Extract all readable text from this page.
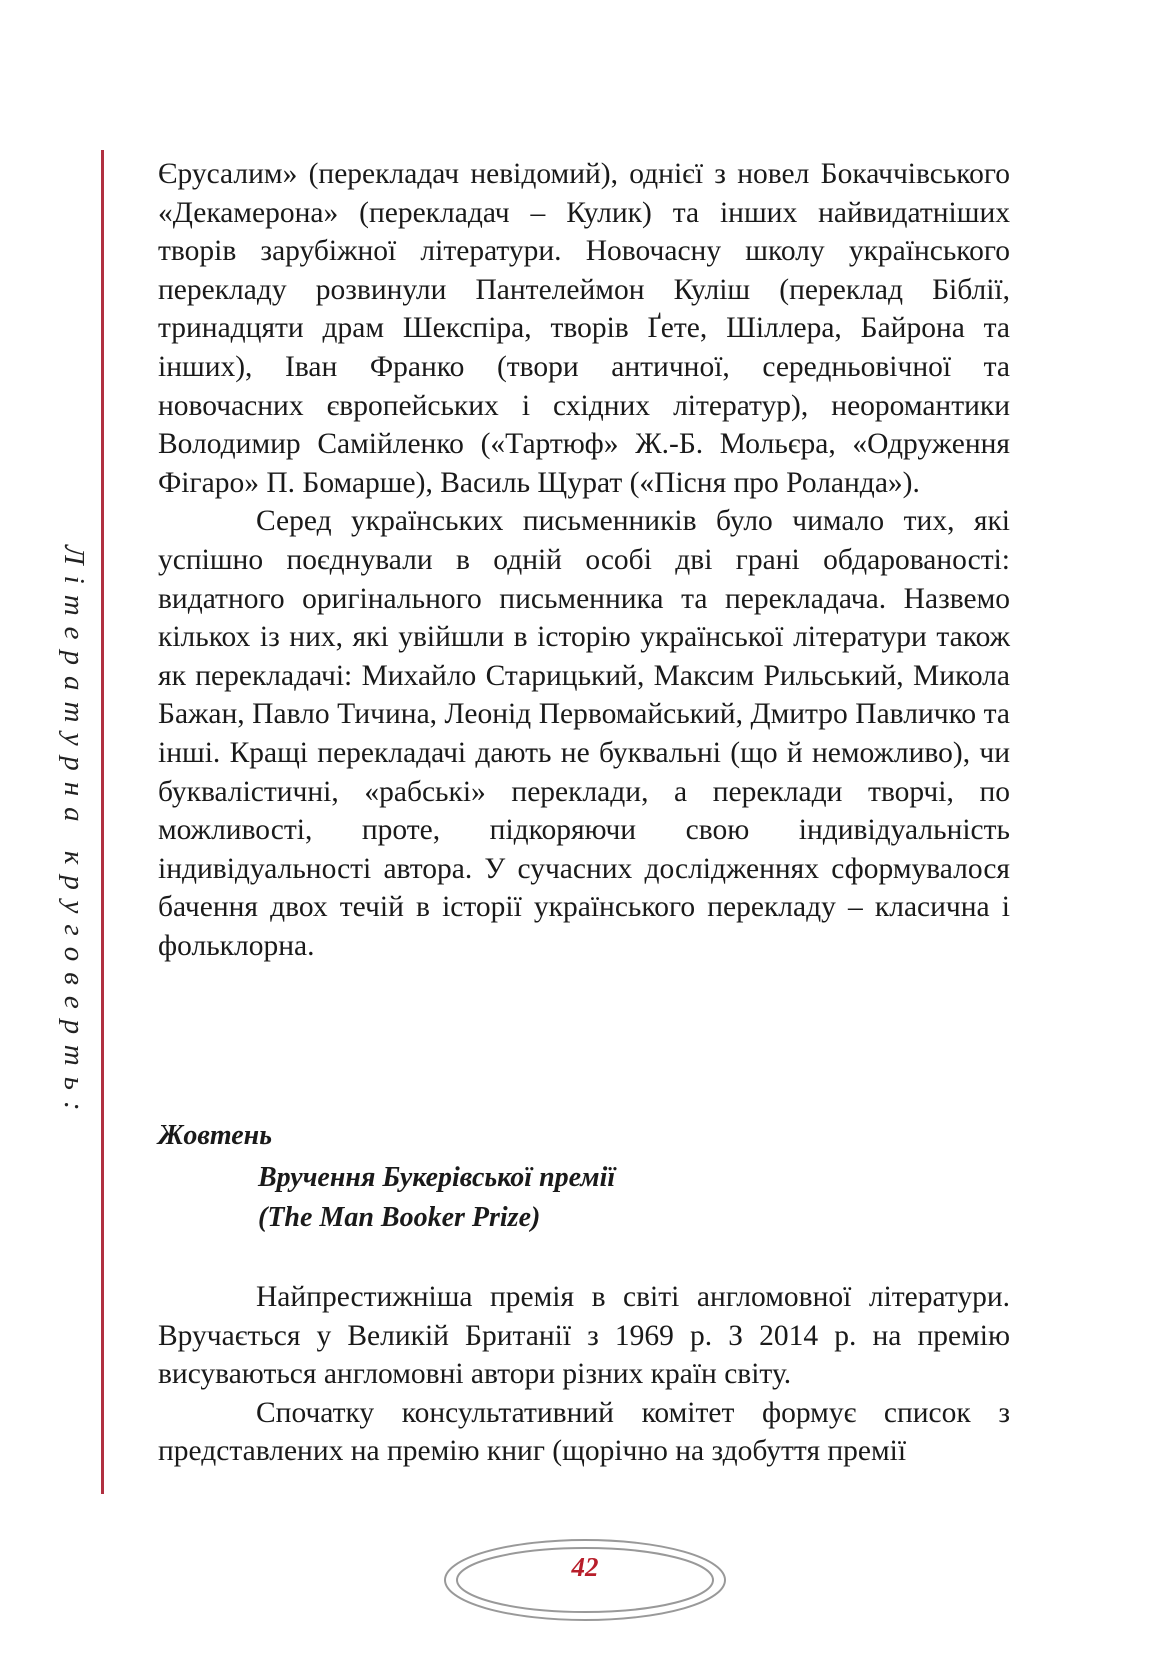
Літературна круговерть:

Єрусалим» (перекладач невідомий), однієї з новел Бокаччівського «Декамерона» (перекладач – Кулик) та інших найвидатніших творів зарубіжної літератури. Новочасну школу українського перекладу розвинули Пантелеймон Куліш (переклад Біблії, тринадцяти драм Шекспіра, творів Ґете, Шіллера, Байрона та інших), Іван Франко (твори античної, середньовічної та новочасних європейських і східних літератур), неоромантики Володимир Самійленко («Тартюф» Ж.-Б. Мольєра, «Одруження Фігаро» П. Бомарше), Василь Щурат («Пісня про Роланда»).

Серед українських письменників було чимало тих, які успішно поєднували в одній особі дві грані обдарованості: видатного оригінального письменника та перекладача. Назвемо кількох із них, які увійшли в історію української літератури також як перекладачі: Михайло Старицький, Максим Рильський, Микола Бажан, Павло Тичина, Леонід Первомайський, Дмитро Павличко та інші. Кращі перекладачі дають не буквальні (що й неможливо), чи буквалістичні, «рабські» переклади, а переклади творчі, по можливості, проте, підкоряючи свою індивідуальність індивідуальності автора. У сучасних дослідженнях сформувалося бачення двох течій в історії українського перекладу – класична і фольклорна.

Жовтень
Вручення Букерівської премії
(The Man Booker Prize)

Найпрестижніша премія в світі англомовної літератури. Вручається у Великій Британії з 1969 р. З 2014 р. на премію висуваються англомовні автори різних країн світу.

Спочатку консультативний комітет формує список з представлених на премію книг (щорічно на здобуття премії

42
